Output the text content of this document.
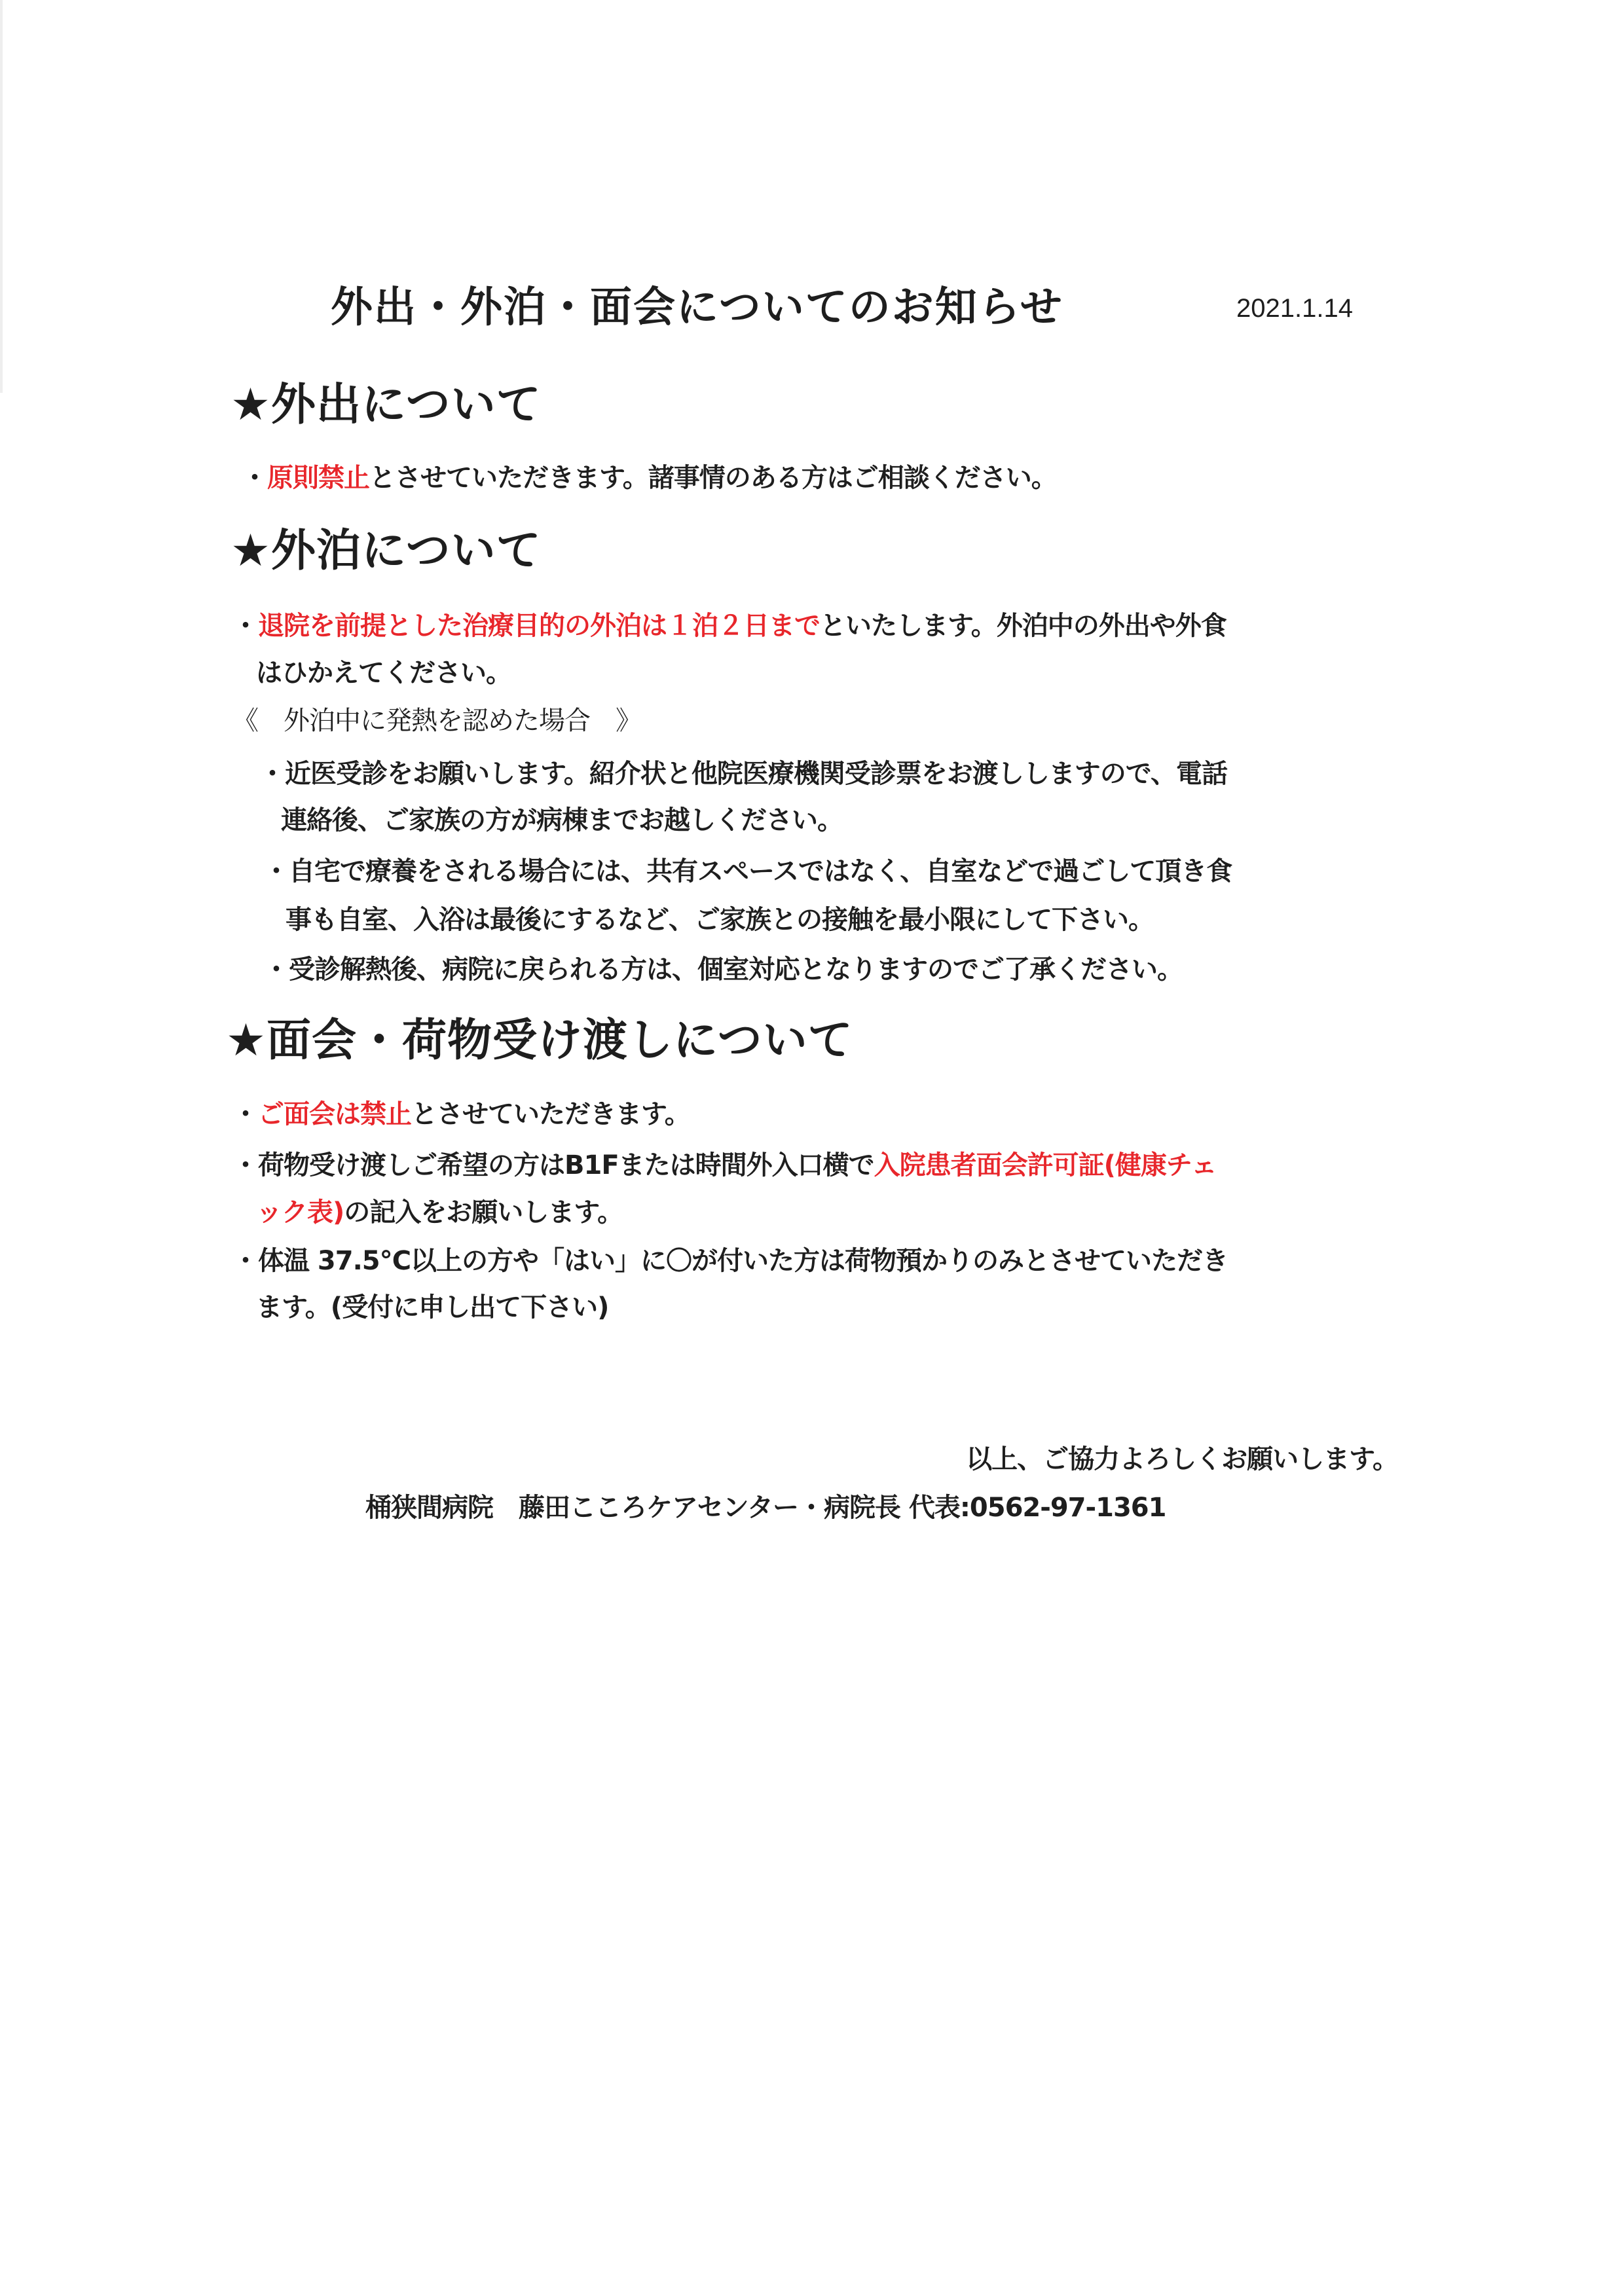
外出・外泊・面会についてのお知らせ	2021.1.14
★外出について
・原則禁止とさせていただきます。諸事情のある方はご相談ください。
★外泊について
・退院を前提とした治療目的の外泊は１泊２日までといたします。外泊中の外出や外食
はひかえてください。
《　外泊中に発熱を認めた場合　》
・近医受診をお願いします。紹介状と他院医療機関受診票をお渡ししますので、電話
連絡後、ご家族の方が病棟までお越しください。
・自宅で療養をされる場合には、共有スペースではなく、自室などで過ごして頂き食
事も自室、入浴は最後にするなど、ご家族との接触を最小限にして下さい。
・受診解熱後、病院に戻られる方は、個室対応となりますのでご了承ください。
★面会・荷物受け渡しについて
・ご面会は禁止とさせていただきます。
・荷物受け渡しご希望の方はB1Fまたは時間外入口横で入院患者面会許可証(健康チェ
ック表)の記入をお願いします。
・体温 37.5℃以上の方や「はい」に〇が付いた方は荷物預かりのみとさせていただき
ます。(受付に申し出て下さい)
以上、ご協力よろしくお願いします。
桶狭間病院　藤田こころケアセンター・病院長 代表:0562-97-1361
